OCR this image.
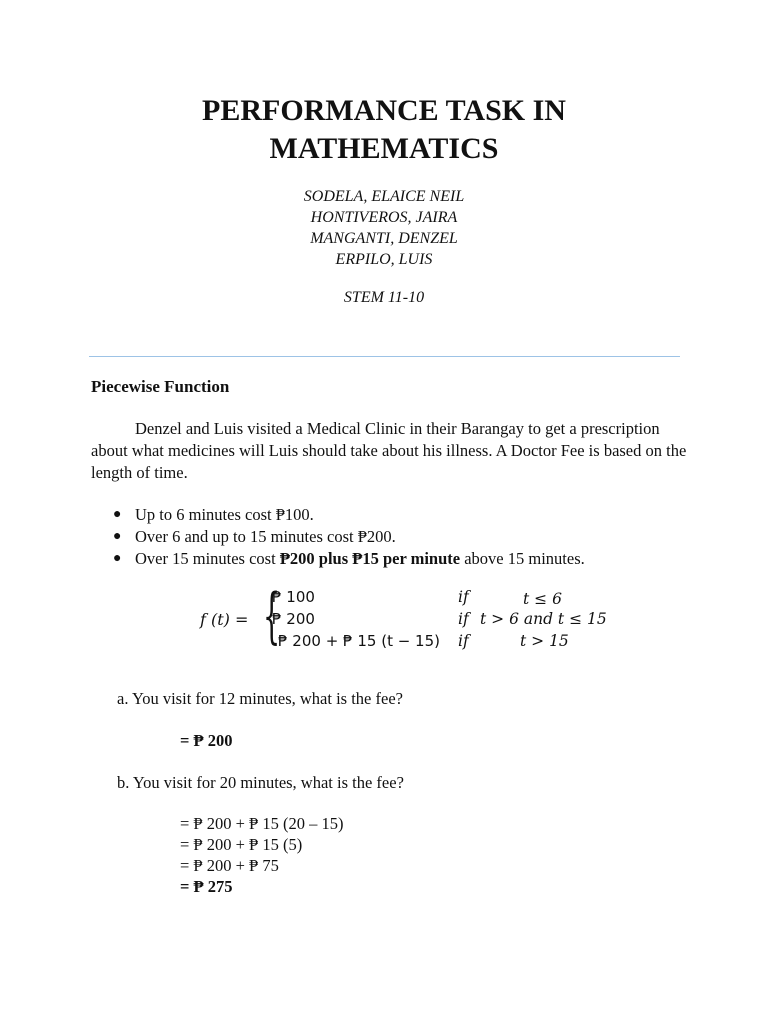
PERFORMANCE TASK IN
MATHEMATICS
SODELA, ELAICE NEIL
HONTIVEROS, JAIRA
MANGANTI, DENZEL
ERPILO, LUIS
STEM 11-10
Piecewise Function
Denzel and Luis visited a Medical Clinic in their Barangay to get a prescription about what medicines will Luis should take about his illness. A Doctor Fee is based on the length of time.
● Up to 6 minutes cost ₱100.
● Over 6 and up to 15 minutes cost ₱200.
● Over 15 minutes cost ₱200 plus ₱15 per minute above 15 minutes.
f (t) = {
₱ 100
₱ 200
₱ 200 + ₱ 15 (t − 15)
if
if
if
t ≤ 6
t > 6 and t ≤ 15
t > 15
a. You visit for 12 minutes, what is the fee?
= ₱ 200
b. You visit for 20 minutes, what is the fee?
= ₱ 200 + ₱ 15 (20 – 15)
= ₱ 200 + ₱ 15 (5)
= ₱ 200 + ₱ 75
= ₱ 275
